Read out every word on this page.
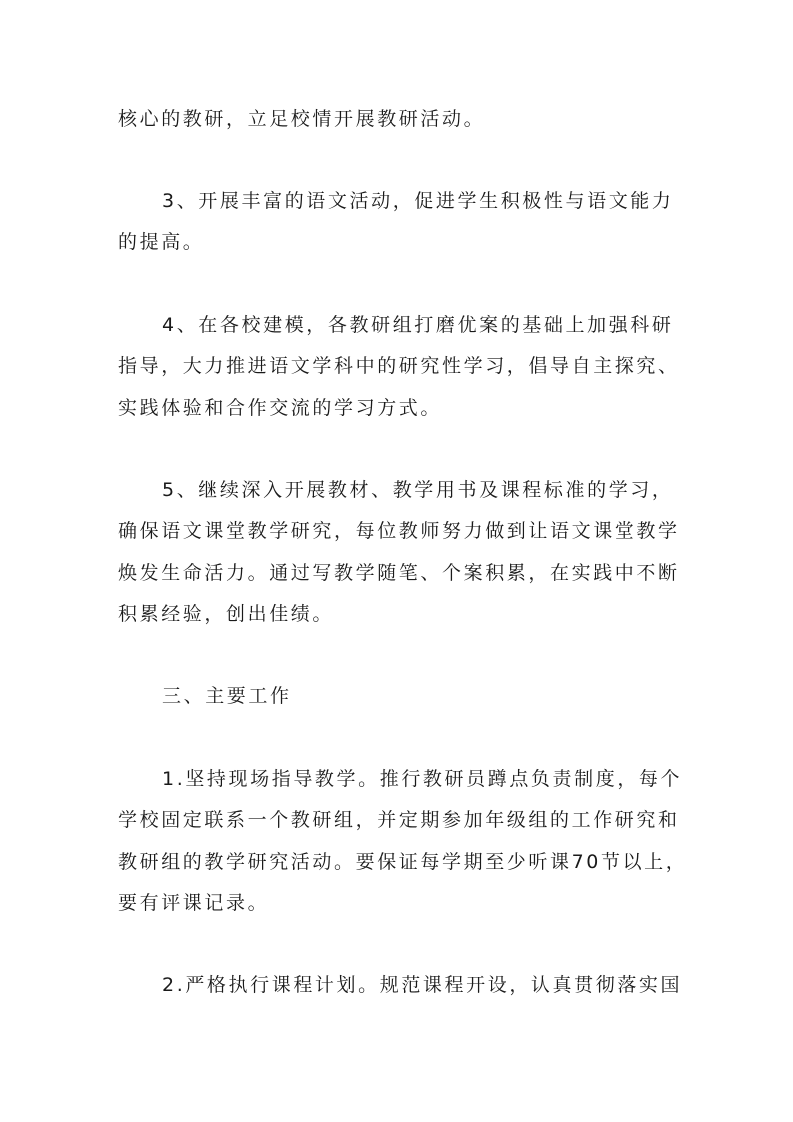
核心的教研，立足校情开展教研活动。
3、开展丰富的语文活动，促进学生积极性与语文能力
的提高。
4、在各校建模，各教研组打磨优案的基础上加强科研
指导，大力推进语文学科中的研究性学习，倡导自主探究、
实践体验和合作交流的学习方式。
5、继续深入开展教材、教学用书及课程标准的学习，
确保语文课堂教学研究，每位教师努力做到让语文课堂教学
焕发生命活力。通过写教学随笔、个案积累，在实践中不断
积累经验，创出佳绩。
三、主要工作
1.坚持现场指导教学。推行教研员蹲点负责制度，每个
学校固定联系一个教研组，并定期参加年级组的工作研究和
教研组的教学研究活动。要保证每学期至少听课70节以上，
要有评课记录。
2.严格执行课程计划。规范课程开设，认真贯彻落实国
